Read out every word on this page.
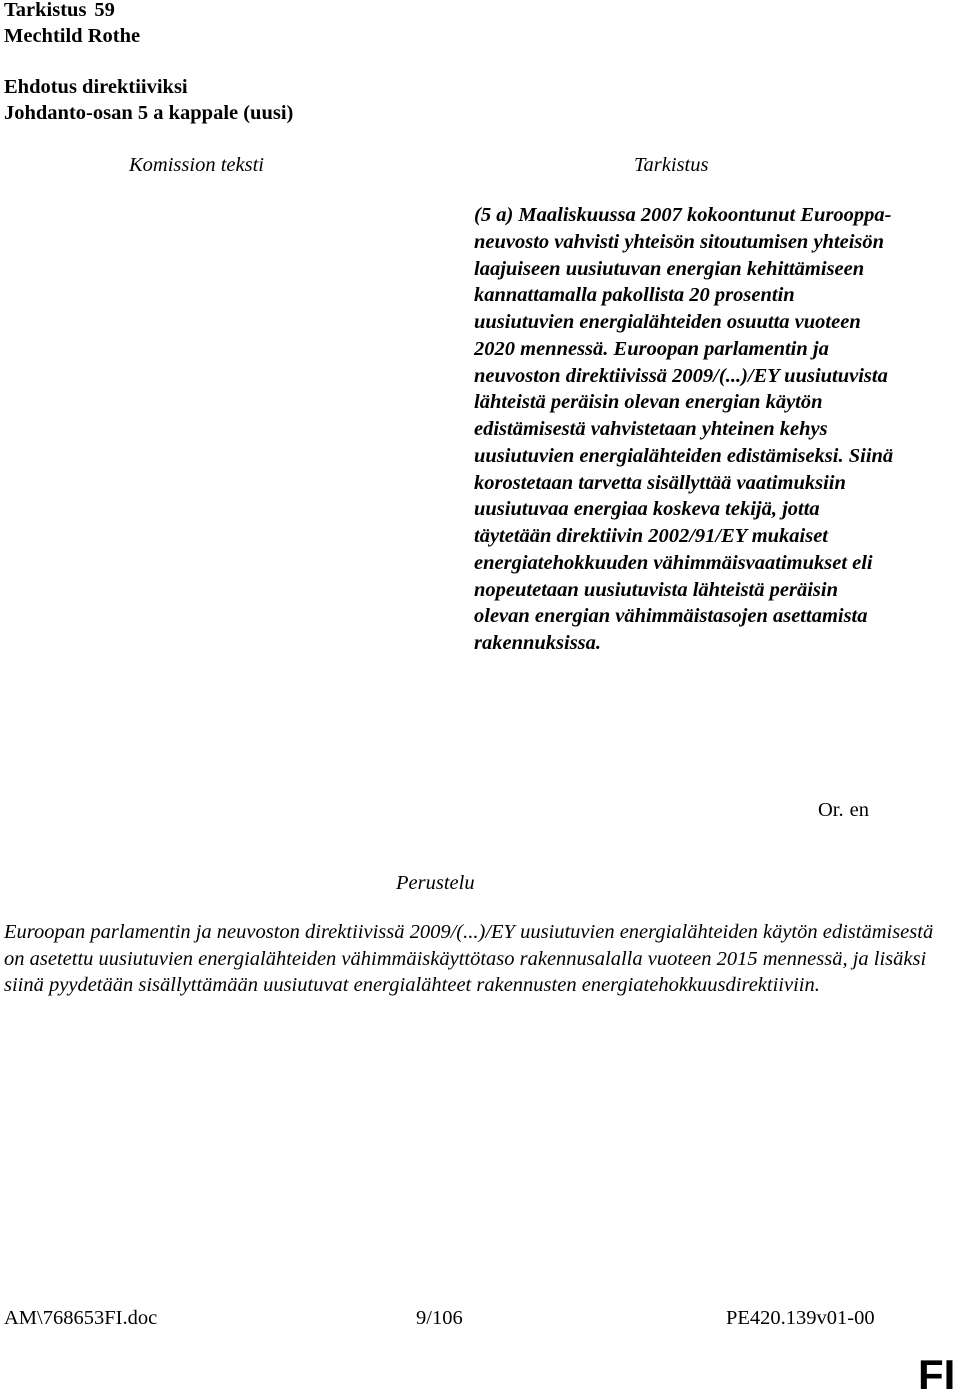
Tarkistus 59
Mechtild Rothe
Ehdotus direktiiviksi
Johdanto-osan 5 a kappale (uusi)
Komission teksti	Tarkistus

(5 a) Maaliskuussa 2007 kokoontunut Eurooppa-neuvosto vahvisti yhteisön sitoutumisen yhteisön laajuiseen uusiutuvan energian kehittämiseen kannattamalla pakollista 20 prosentin uusiutuvien energialähteiden osuutta vuoteen 2020 mennessä. Euroopan parlamentin ja neuvoston direktiivissä 2009/(...)/EY uusiutuvista lähteistä peräisin olevan energian käytön edistämisestä vahvistetaan yhteinen kehys uusiutuvien energialähteiden edistämiseksi. Siinä korostetaan tarvetta sisällyttää vaatimuksiin uusiutuvaa energiaa koskeva tekijä, jotta täytetään direktiivin 2002/91/EY mukaiset energiatehokkuuden vähimmäisvaatimukset eli nopeutetaan uusiutuvista lähteistä peräisin olevan energian vähimmäistasojen asettamista rakennuksissa.

Or. en
Perustelu

Euroopan parlamentin ja neuvoston direktiivissä 2009/(...)/EY uusiutuvien energialähteiden käytön edistämisestä on asetettu uusiutuvien energialähteiden vähimmäiskäyttötaso rakennusalalla vuoteen 2015 mennessä, ja lisäksi siinä pyydetään sisällyttämään uusiutuvat energialähteet rakennusten energiatehokkuusdirektiiviin.

AM\768653FI.doc	9/106	PE420.139v01-00
FI
